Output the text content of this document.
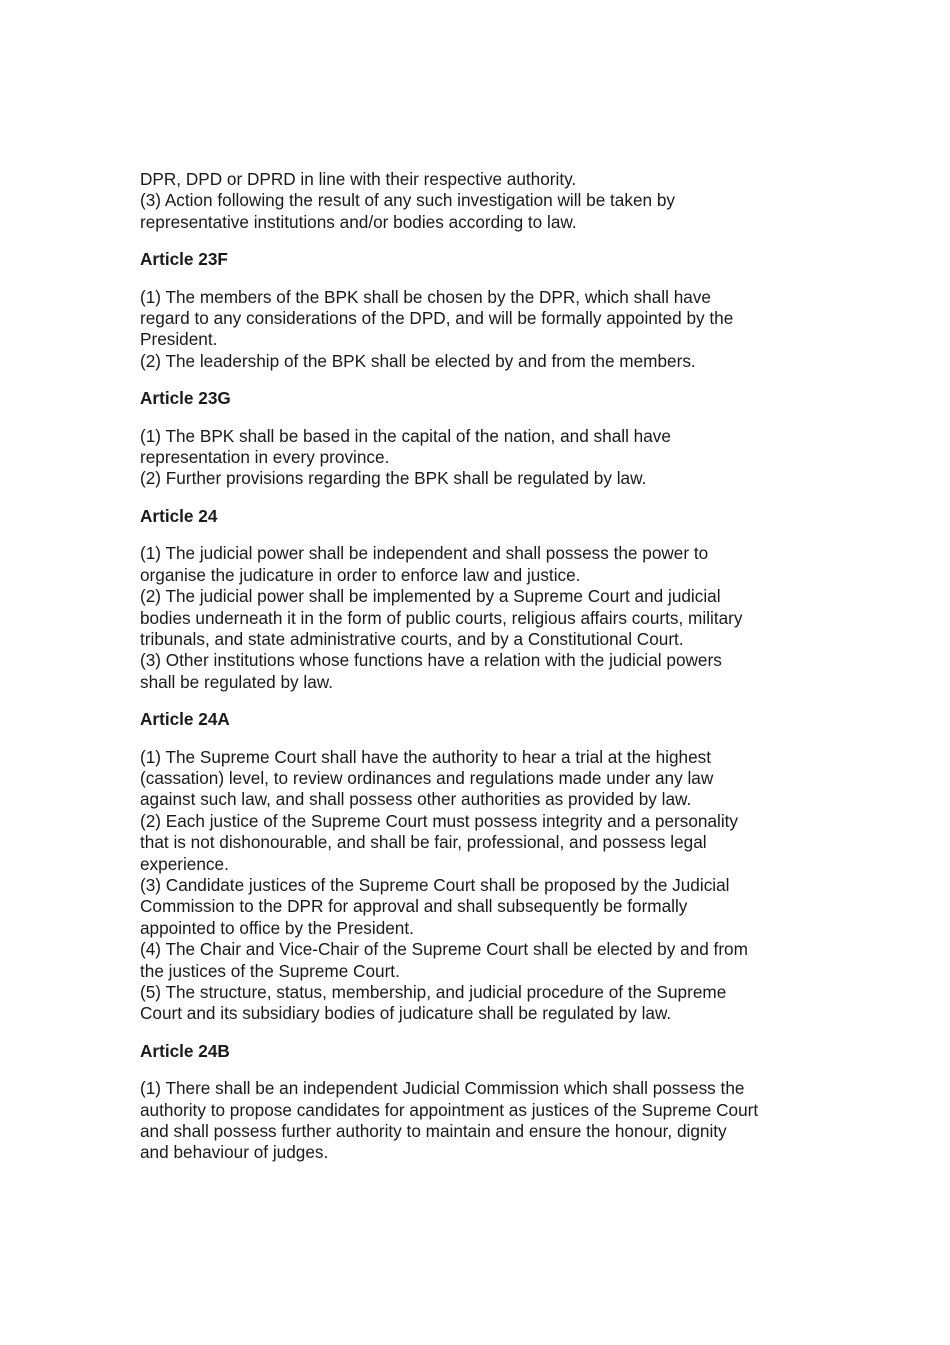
DPR, DPD or DPRD in line with their respective authority.
(3) Action following the result of any such investigation will be taken by
representative institutions and/or bodies according to law.

Article 23F

(1) The members of the BPK shall be chosen by the DPR, which shall have
regard to any considerations of the DPD, and will be formally appointed by the
President.
(2) The leadership of the BPK shall be elected by and from the members.

Article 23G

(1) The BPK shall be based in the capital of the nation, and shall have
representation in every province.
(2) Further provisions regarding the BPK shall be regulated by law.

Article 24

(1) The judicial power shall be independent and shall possess the power to
organise the judicature in order to enforce law and justice.
(2) The judicial power shall be implemented by a Supreme Court and judicial
bodies underneath it in the form of public courts, religious affairs courts, military
tribunals, and state administrative courts, and by a Constitutional Court.
(3) Other institutions whose functions have a relation with the judicial powers
shall be regulated by law.

Article 24A

(1) The Supreme Court shall have the authority to hear a trial at the highest
(cassation) level, to review ordinances and regulations made under any law
against such law, and shall possess other authorities as provided by law.
(2) Each justice of the Supreme Court must possess integrity and a personality
that is not dishonourable, and shall be fair, professional, and possess legal
experience.
(3) Candidate justices of the Supreme Court shall be proposed by the Judicial
Commission to the DPR for approval and shall subsequently be formally
appointed to office by the President.
(4) The Chair and Vice-Chair of the Supreme Court shall be elected by and from
the justices of the Supreme Court.
(5) The structure, status, membership, and judicial procedure of the Supreme
Court and its subsidiary bodies of judicature shall be regulated by law.

Article 24B

(1) There shall be an independent Judicial Commission which shall possess the
authority to propose candidates for appointment as justices of the Supreme Court
and shall possess further authority to maintain and ensure the honour, dignity
and behaviour of judges.
